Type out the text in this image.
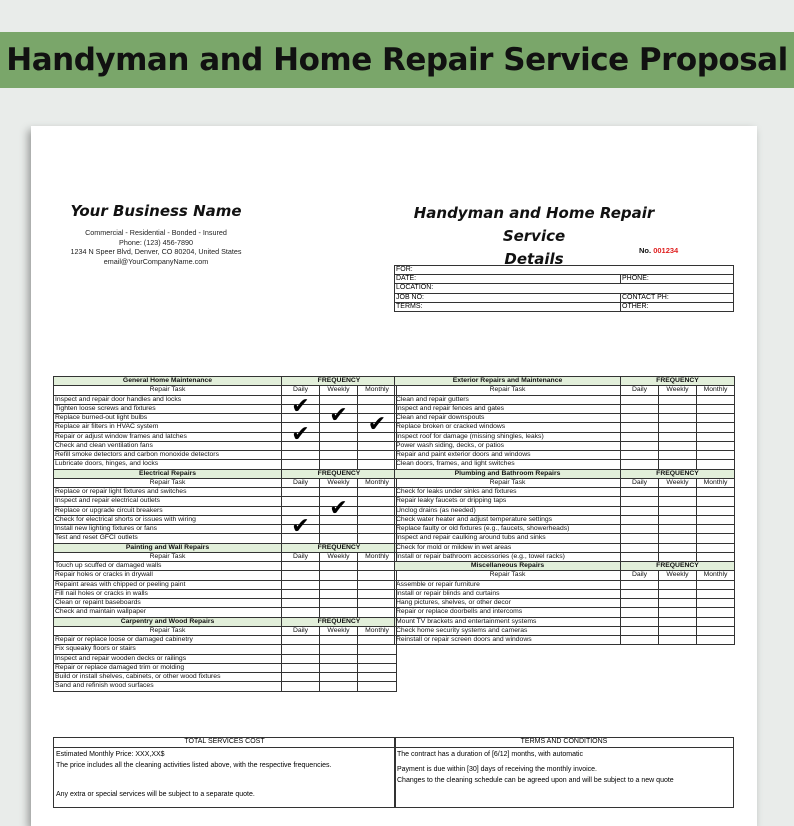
Handyman and Home Repair Service Proposal
Your Business Name
Commercial - Residential - Bonded - Insured
Phone: (123) 456-7890
1234 N Speer Blvd, Denver, CO 80204, United States
email@YourCompanyName.com
Handyman and Home Repair Service
Details	No. 001234
FOR:	
DATE:	PHONE:
LOCATION:	
JOB NO:	CONTACT PH:
TERMS:	OTHER:
General Home Maintenance	FREQUENCY		
Repair Task	Daily	Weekly	Monthly
Inspect and repair door handles and locks			
Tighten loose screws and fixtures	✔		

Replace burned-out light bulbs		✔	

Replace air filters in HVAC system			✔

Repair or adjust window frames and latches	✔		

Check and clean ventilation fans			
Refill smoke detectors and carbon monoxide detectors			
Lubricate doors, hinges, and locks			
Electrical Repairs	FREQUENCY		
Repair Task	Daily	Weekly	Monthly
Replace or repair light fixtures and switches			
Inspect and repair electrical outlets			
Replace or upgrade circuit breakers		✔	

Check for electrical shorts or issues with wiring			
Install new lighting fixtures or fans	✔		

Test and reset GFCI outlets			
Painting and Wall Repairs	FREQUENCY		
Repair Task	Daily	Weekly	Monthly
Touch up scuffed or damaged walls			
Repair holes or cracks in drywall			
Repaint areas with chipped or peeling paint			
Fill nail holes or cracks in walls			
Clean or repaint baseboards			
Check and maintain wallpaper			
Carpentry and Wood Repairs	FREQUENCY		
Repair Task	Daily	Weekly	Monthly
Repair or replace loose or damaged cabinetry			
Fix squeaky floors or stairs			
Inspect and repair wooden decks or railings			
Repair or replace damaged trim or molding			
Build or install shelves, cabinets, or other wood fixtures			
Sand and refinish wood surfaces			
Exterior Repairs and Maintenance	FREQUENCY		
Repair Task	Daily	Weekly	Monthly
Clean and repair gutters			
Inspect and repair fences and gates			
Clean and repair downspouts			
Replace broken or cracked windows			
Inspect roof for damage (missing shingles, leaks)			
Power wash siding, decks, or patios			
Repair and paint exterior doors and windows			
Clean doors, frames, and light switches			
Plumbing and Bathroom Repairs	FREQUENCY		
Repair Task	Daily	Weekly	Monthly
Check for leaks under sinks and fixtures			
Repair leaky faucets or dripping taps			
Unclog drains (as needed)			
Check water heater and adjust temperature settings			
Replace faulty or old fixtures (e.g., faucets, showerheads)			
Inspect and repair caulking around tubs and sinks			
Check for mold or mildew in wet areas			
Install or repair bathroom accessories (e.g., towel racks)			
Miscellaneous Repairs	FREQUENCY		
Repair Task	Daily	Weekly	Monthly
Assemble or repair furniture			
Install or repair blinds and curtains			
Hang pictures, shelves, or other decor			
Repair or replace doorbells and intercoms			
Mount TV brackets and entertainment systems			
Check home security systems and cameras			
Reinstall or repair screen doors and windows			
TOTAL SERVICES COST

Estimated Monthly Price: XXX,XX$
The price includes all the cleaning activities listed above, with the respective frequencies.
Any extra or special services will be subject to a separate quote.
TERMS AND CONDITIONS

The contract has a duration of [6/12] months, with automatic
Payment is due within [30] days of receiving the monthly invoice.
Changes to the cleaning schedule can be agreed upon and will be subject to a new quote
